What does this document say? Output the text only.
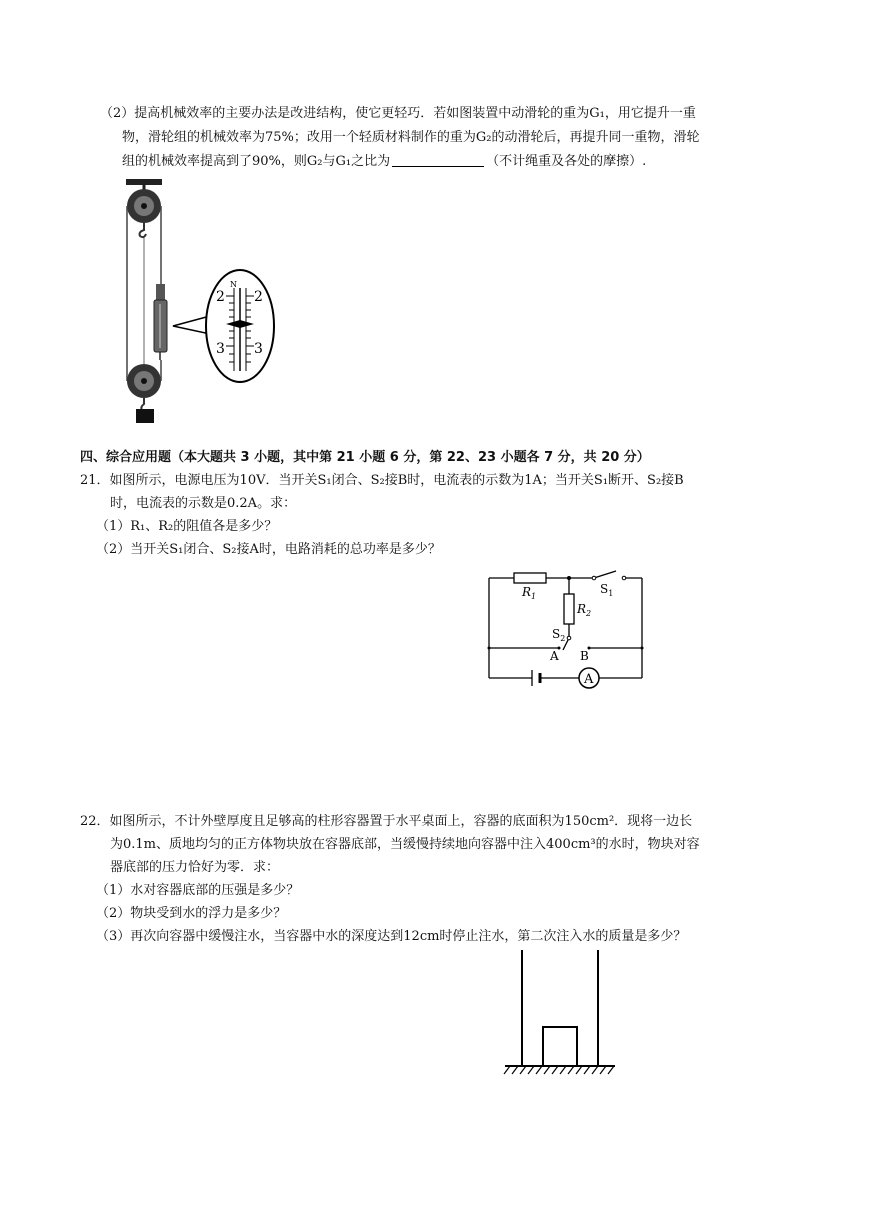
（2）提高机械效率的主要办法是改进结构，使它更轻巧．若如图装置中动滑轮的重为G₁，用它提升一重
物，滑轮组的机械效率为75%；改用一个轻质材料制作的重为G₂的动滑轮后，再提升同一重物，滑轮
组的机械效率提高到了90%，则G₂与G₁之比为	（不计绳重及各处的摩擦）.
N
2 2
3 3
四、综合应用题（本大题共 3 小题，其中第 21 小题 6 分，第 22、23 小题各 7 分，共 20 分）
21．如图所示，电源电压为10V．当开关S₁闭合、S₂接B时，电流表的示数为1A；当开关S₁断开、S₂接B
时，电流表的示数是0.2A。求：
（1）R₁、R₂的阻值各是多少？
（2）当开关S₁闭合、S₂接A时，电路消耗的总功率是多少？
A
$R_1$
$R_2$
$S_1$
$S_2$
A B
22．如图所示，不计外壁厚度且足够高的柱形容器置于水平桌面上，容器的底面积为150cm²．现将一边长
为0.1m、质地均匀的正方体物块放在容器底部，当缓慢持续地向容器中注入400cm³的水时，物块对容
器底部的压力恰好为零．求：
（1）水对容器底部的压强是多少？
（2）物块受到水的浮力是多少？
（3）再次向容器中缓慢注水，当容器中水的深度达到12cm时停止注水，第二次注入水的质量是多少？
